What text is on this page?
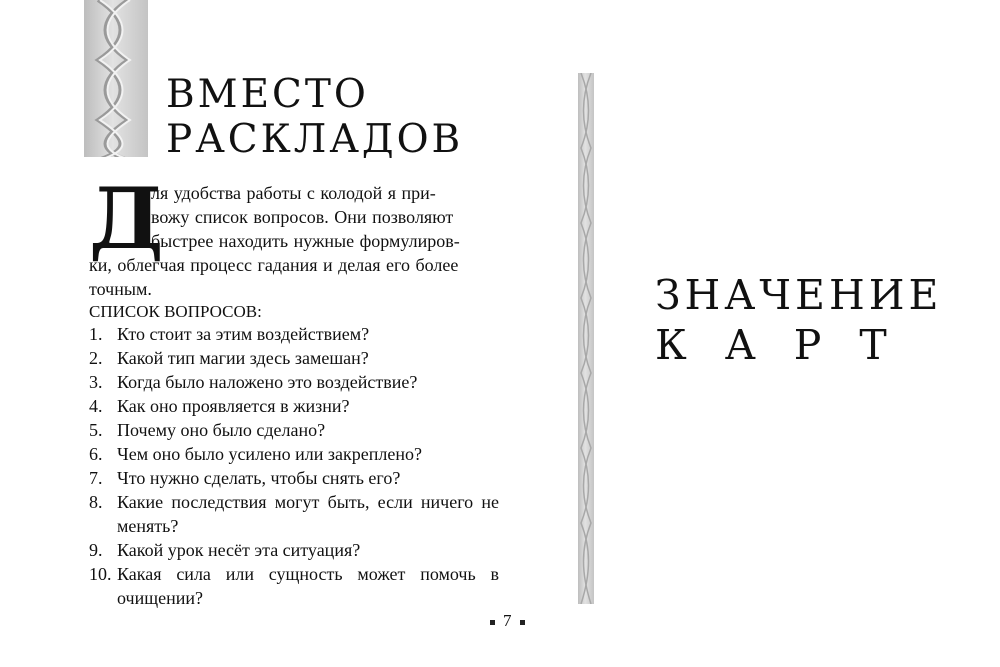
ВМЕСТО
РАСКЛАДОВ
Д
ля удобства работы с колодой я при-
вожу список вопросов. Они позволяют
быстрее находить нужные формулиров-
ки, облегчая процесс гадания и делая его более
точным.
СПИСОК ВОПРОСОВ:
1. Кто стоит за этим воздействием?
2. Какой тип магии здесь замешан?
3. Когда было наложено это воздействие?
4. Как оно проявляется в жизни?
5. Почему оно было сделано?
6. Чем оно было усилено или закреплено?
7. Что нужно сделать, чтобы снять его?
8. Какие последствия могут быть, если ничего не менять?
9. Какой урок несёт эта ситуация?
10. Какая сила или сущность может помочь в очищении?
7
ЗНАЧЕНИЕ
КАРТ
